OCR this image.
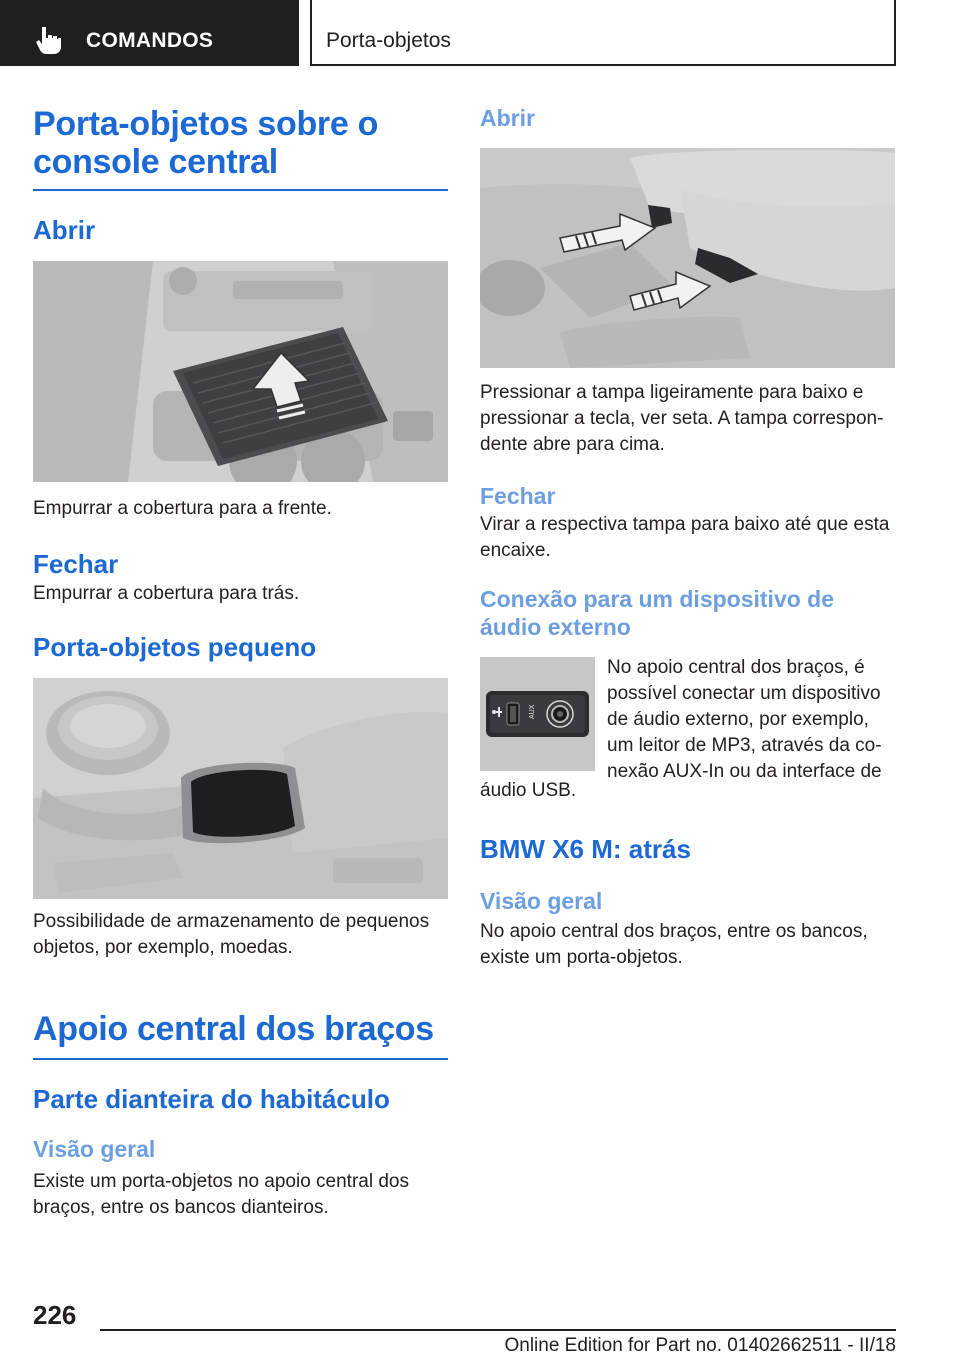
COMANDOS	Porta-objetos
Porta-objetos sobre o
console central
Abrir
Empurrar a cobertura para a frente.
Fechar
Empurrar a cobertura para trás.
Porta-objetos pequeno
Possibilidade de armazenamento de pequenos
objetos, por exemplo, moedas.
Apoio central dos braços
Parte dianteira do habitáculo
Visão geral
Existe um porta-objetos no apoio central dos
braços, entre os bancos dianteiros.
Abrir
Pressionar a tampa ligeiramente para baixo e
pressionar a tecla, ver seta. A tampa correspon-
dente abre para cima.
Fechar
Virar a respectiva tampa para baixo até que esta
encaixe.
Conexão para um dispositivo de
áudio externo
AUX
No apoio central dos braços, é
possível conectar um dispositivo
de áudio externo, por exemplo,
um leitor de MP3, através da co-
nexão AUX-In ou da interface de
áudio USB.
BMW X6 M: atrás
Visão geral
No apoio central dos braços, entre os bancos,
existe um porta-objetos.
226
Online Edition for Part no. 01402662511 - II/18
